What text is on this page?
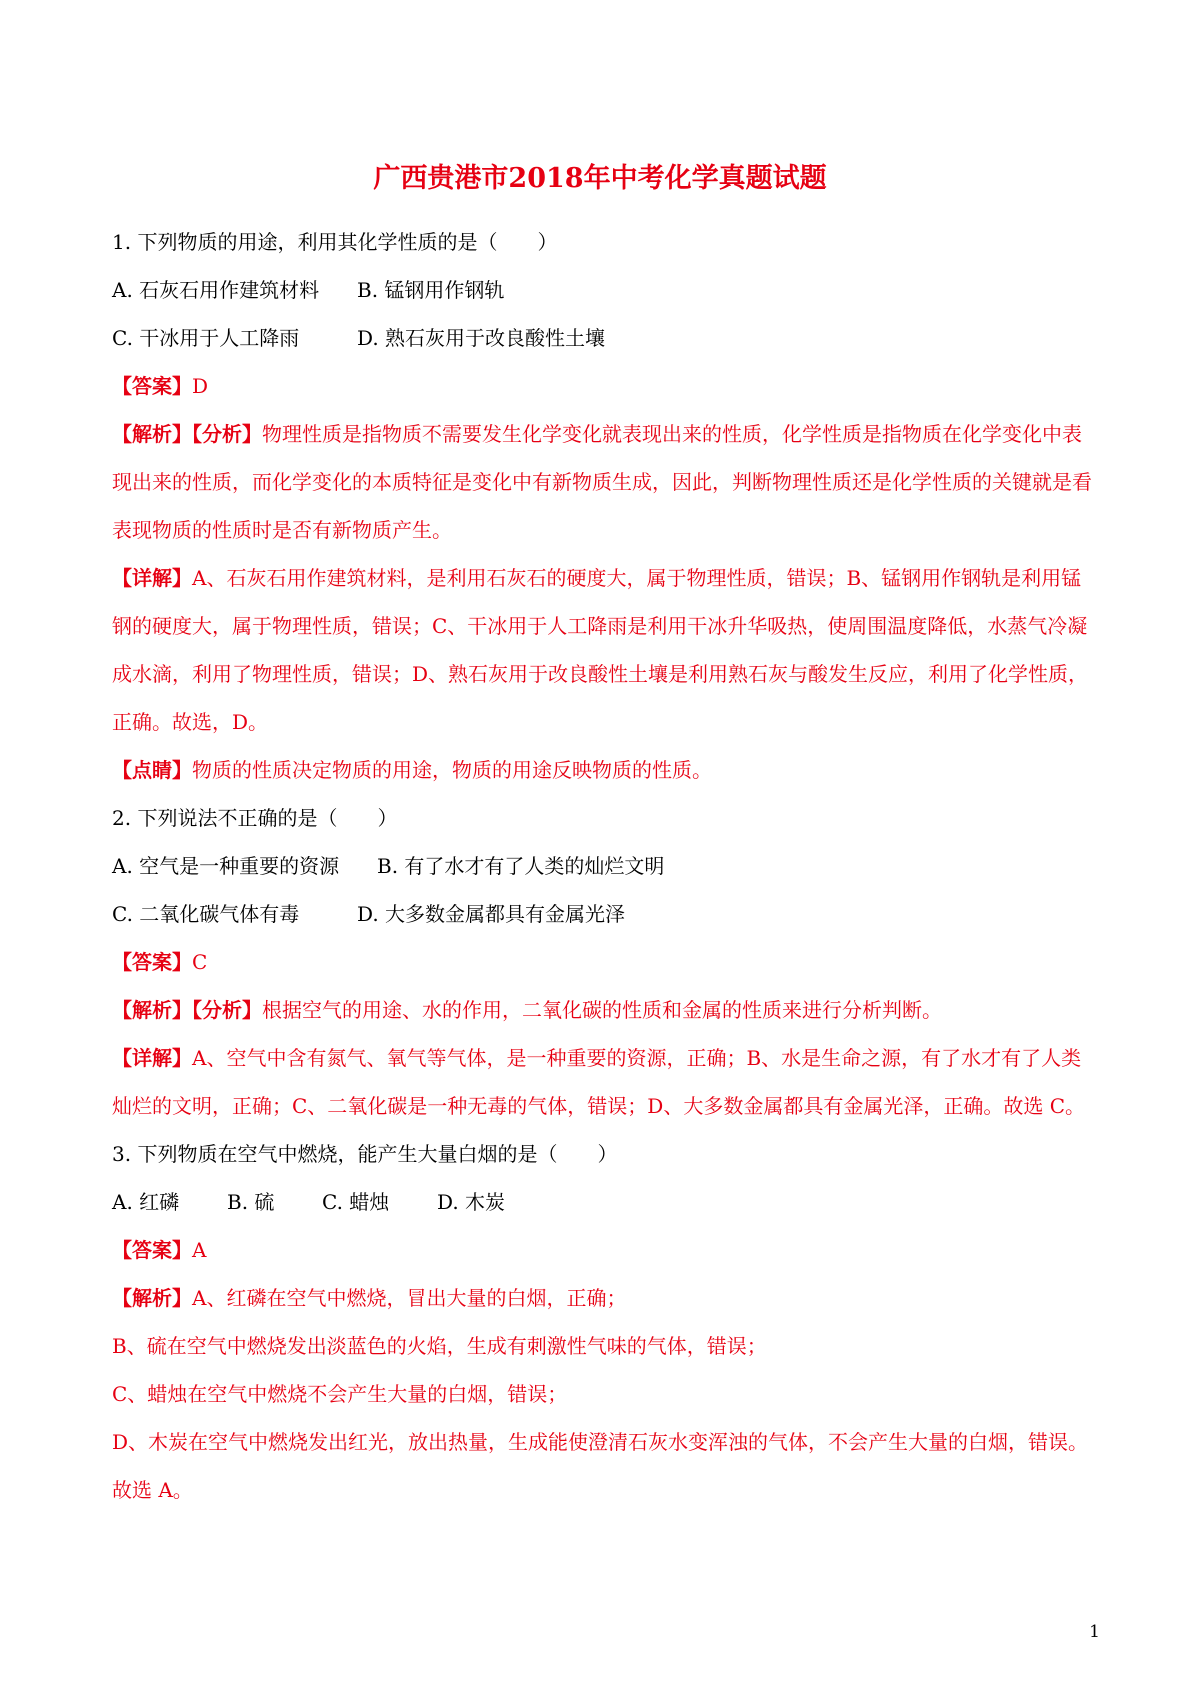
广西贵港市2018年中考化学真题试题

1. 下列物质的用途，利用其化学性质的是（　　）

A. 石灰石用作建筑材料 B. 锰钢用作钢轨

C. 干冰用于人工降雨	D. 熟石灰用于改良酸性土壤

【答案】D

【解析】【分析】物理性质是指物质不需要发生化学变化就表现出来的性质，化学性质是指物质在化学变化中表现出来的性质，而化学变化的本质特征是变化中有新物质生成，因此，判断物理性质还是化学性质的关键就是看表现物质的性质时是否有新物质产生。

【详解】A、石灰石用作建筑材料，是利用石灰石的硬度大，属于物理性质，错误；B、锰钢用作钢轨是利用锰钢的硬度大，属于物理性质，错误；C、干冰用于人工降雨是利用干冰升华吸热，使周围温度降低，水蒸气冷凝成水滴，利用了物理性质，错误；D、熟石灰用于改良酸性土壤是利用熟石灰与酸发生反应，利用了化学性质，正确。故选，D。

【点睛】物质的性质决定物质的用途，物质的用途反映物质的性质。

2. 下列说法不正确的是（　　）

A. 空气是一种重要的资源 B. 有了水才有了人类的灿烂文明

C. 二氧化碳气体有毒	D. 大多数金属都具有金属光泽

【答案】C

【解析】【分析】根据空气的用途、水的作用，二氧化碳的性质和金属的性质来进行分析判断。

【详解】A、空气中含有氮气、氧气等气体，是一种重要的资源，正确；B、水是生命之源，有了水才有了人类灿烂的文明，正确；C、二氧化碳是一种无毒的气体，错误；D、大多数金属都具有金属光泽，正确。故选 C。

3. 下列物质在空气中燃烧，能产生大量白烟的是（　　）

A. 红磷 B. 硫 C. 蜡烛 D. 木炭

【答案】A

【解析】A、红磷在空气中燃烧，冒出大量的白烟，正确；

B、硫在空气中燃烧发出淡蓝色的火焰，生成有刺激性气味的气体，错误；

C、蜡烛在空气中燃烧不会产生大量的白烟，错误；

D、木炭在空气中燃烧发出红光，放出热量，生成能使澄清石灰水变浑浊的气体，不会产生大量的白烟，错误。故选 A。

1
